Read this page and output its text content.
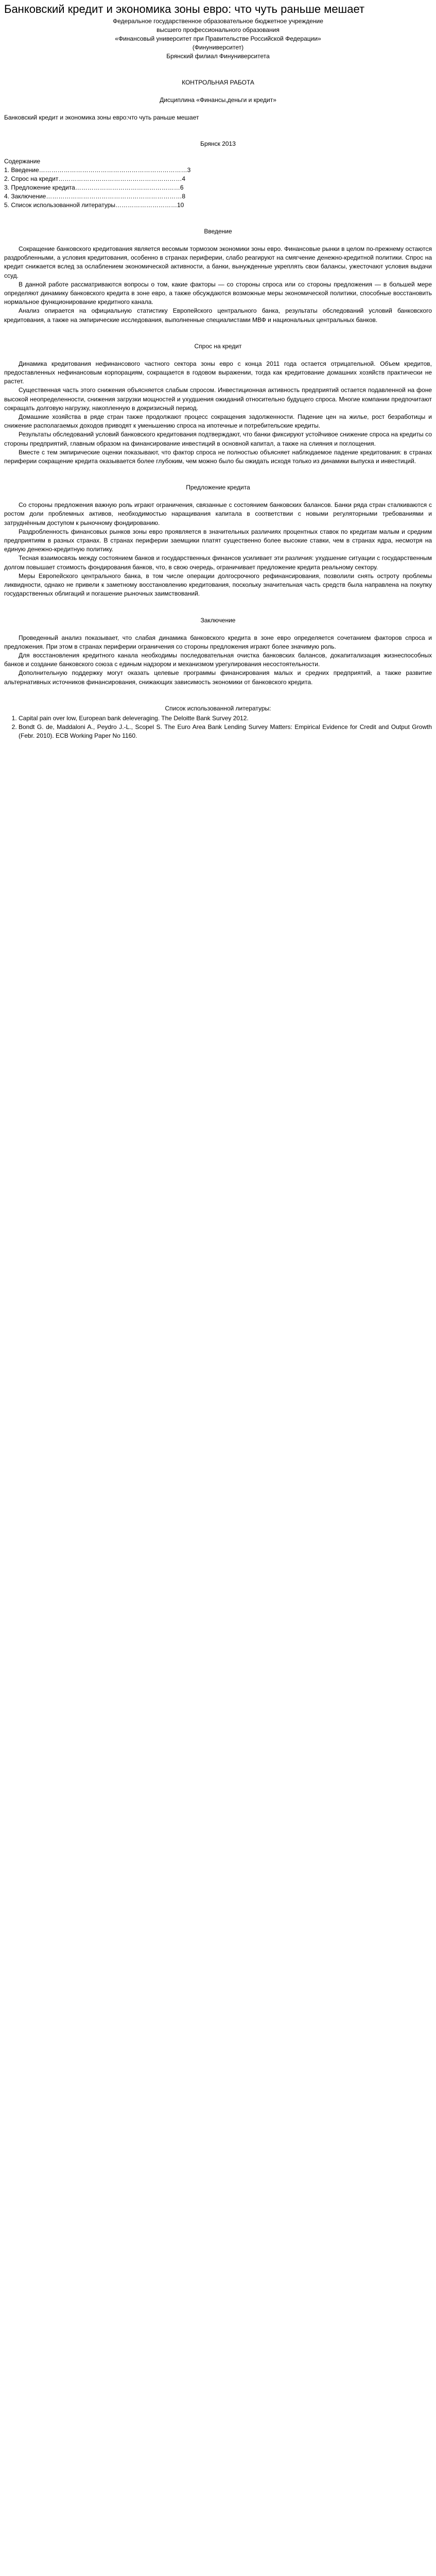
Банковский кредит и экономика зоны евро: что чуть раньше мешает
Федеральное государственное образовательное бюджетное учреждение
высшего профессионального образования
«Финансовый университет при Правительстве Российской Федерации»
(Финуниверситет)
Брянский филиал Финуниверситета
КОНТРОЛЬНАЯ РАБОТА
Дисциплина «Финансы,деньги и кредит»
Банковский кредит и экономика зоны евро:что чуть раньше мешает
Брянск 2013
Содержание
1. Введение………………………………………………………………3
2. Спрос на кредит……………………………………………………4
3. Предложение кредита……………………………………………6
4. Заключение…………………………………………………………8
5. Список использованной литературы…………………………10
Введение

Сокращение банковского кредитования является весомым тормозом экономики зоны евро. Финансовые рынки в целом по-прежнему остаются раздробленными, а условия кредитования, особенно в странах периферии, слабо реагируют на смягчение денежно-кредитной политики. Спрос на кредит снижается вслед за ослаблением экономической активности, а банки, вынужденные укреплять свои балансы, ужесточают условия выдачи ссуд.

В данной работе рассматриваются вопросы о том, какие факторы — со стороны спроса или со стороны предложения — в большей мере определяют динамику банковского кредита в зоне евро, а также обсуждаются возможные меры экономической политики, способные восстановить нормальное функционирование кредитного канала.

Анализ опирается на официальную статистику Европейского центрального банка, результаты обследований условий банковского кредитования, а также на эмпирические исследования, выполненные специалистами МВФ и национальных центральных банков.

Спрос на кредит

Динамика кредитования нефинансового частного сектора зоны евро с конца 2011 года остается отрицательной. Объем кредитов, предоставленных нефинансовым корпорациям, сокращается в годовом выражении, тогда как кредитование домашних хозяйств практически не растет.

Существенная часть этого снижения объясняется слабым спросом. Инвестиционная активность предприятий остается подавленной на фоне высокой неопределенности, снижения загрузки мощностей и ухудшения ожиданий относительно будущего спроса. Многие компании предпочитают сокращать долговую нагрузку, накопленную в докризисный период.

Домашние хозяйства в ряде стран также продолжают процесс сокращения задолженности. Падение цен на жилье, рост безработицы и снижение располагаемых доходов приводят к уменьшению спроса на ипотечные и потребительские кредиты.

Результаты обследований условий банковского кредитования подтверждают, что банки фиксируют устойчивое снижение спроса на кредиты со стороны предприятий, главным образом на финансирование инвестиций в основной капитал, а также на слияния и поглощения.

Вместе с тем эмпирические оценки показывают, что фактор спроса не полностью объясняет наблюдаемое падение кредитования: в странах периферии сокращение кредита оказывается более глубоким, чем можно было бы ожидать исходя только из динамики выпуска и инвестиций.

Предложение кредита

Со стороны предложения важную роль играют ограничения, связанные с состоянием банковских балансов. Банки ряда стран сталкиваются с ростом доли проблемных активов, необходимостью наращивания капитала в соответствии с новыми регуляторными требованиями и затруднённым доступом к рыночному фондированию.

Раздробленность финансовых рынков зоны евро проявляется в значительных различиях процентных ставок по кредитам малым и средним предприятиям в разных странах. В странах периферии заемщики платят существенно более высокие ставки, чем в странах ядра, несмотря на единую денежно-кредитную политику.

Тесная взаимосвязь между состоянием банков и государственных финансов усиливает эти различия: ухудшение ситуации с государственным долгом повышает стоимость фондирования банков, что, в свою очередь, ограничивает предложение кредита реальному сектору.

Меры Европейского центрального банка, в том числе операции долгосрочного рефинансирования, позволили снять остроту проблемы ликвидности, однако не привели к заметному восстановлению кредитования, поскольку значительная часть средств была направлена на покупку государственных облигаций и погашение рыночных заимствований.

Заключение

Проведенный анализ показывает, что слабая динамика банковского кредита в зоне евро определяется сочетанием факторов спроса и предложения. При этом в странах периферии ограничения со стороны предложения играют более значимую роль.

Для восстановления кредитного канала необходимы последовательная очистка банковских балансов, докапитализация жизнеспособных банков и создание банковского союза с единым надзором и механизмом урегулирования несостоятельности.

Дополнительную поддержку могут оказать целевые программы финансирования малых и средних предприятий, а также развитие альтернативных источников финансирования, снижающих зависимость экономики от банковского кредита.

Список использованной литературы:
1. Capital pain over low, European bank deleveraging. The Deloitte Bank Survey 2012.
2. Bondt G. de, Maddaloni A., Peydro J.-L., Scopel S. The Euro Area Bank Lending Survey Matters: Empirical Evidence for Credit and Output Growth (Febr. 2010). ECB Working Paper No 1160.
